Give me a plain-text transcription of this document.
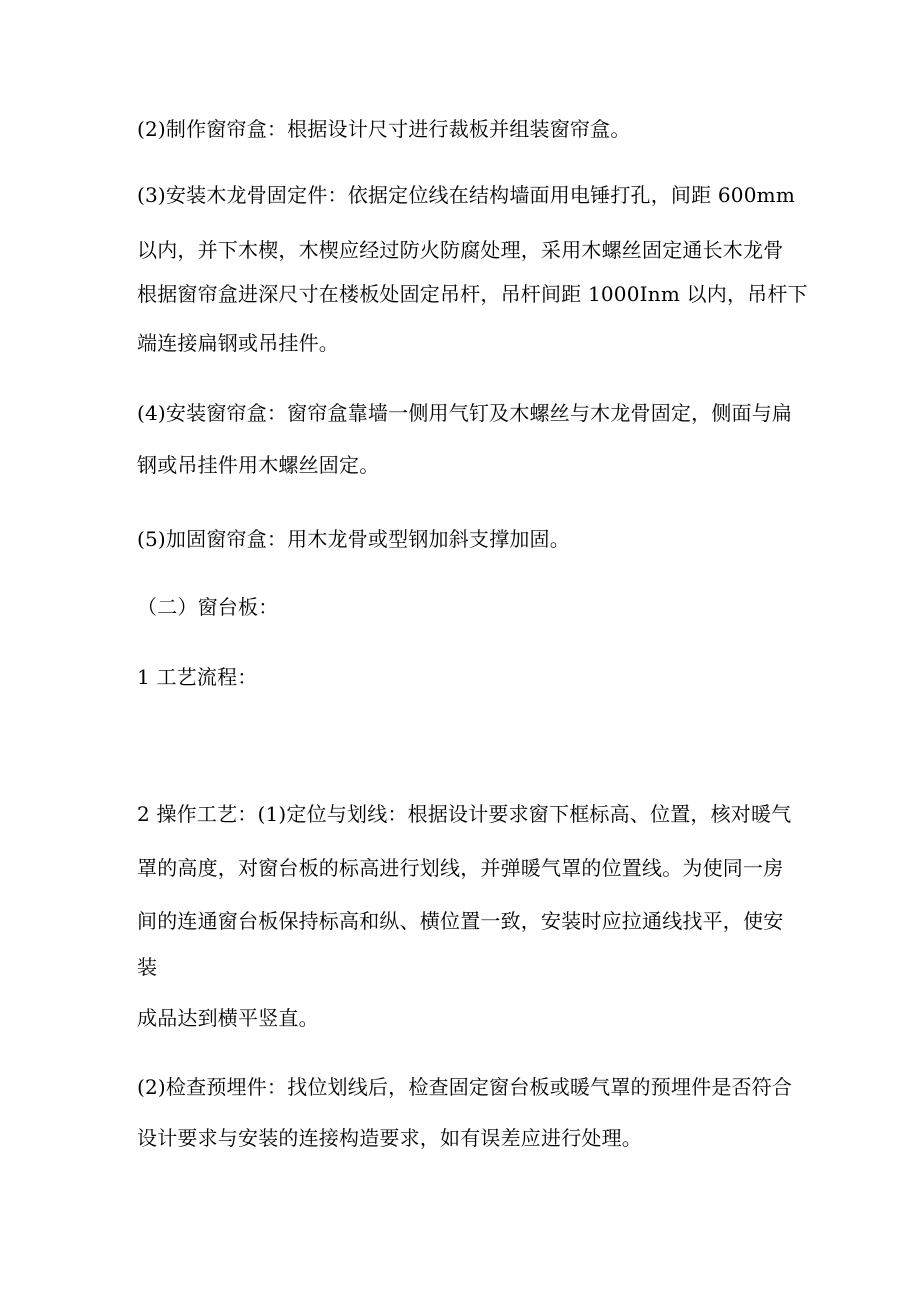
(2)制作窗帘盒：根据设计尺寸进行裁板并组装窗帘盒。
(3)安装木龙骨固定件：依据定位线在结构墙面用电锤打孔，间距 600mm
以内，并下木楔，木楔应经过防火防腐处理，采用木螺丝固定通长木龙骨
根据窗帘盒进深尺寸在楼板处固定吊杆，吊杆间距 1000Inm 以内，吊杆下
端连接扁钢或吊挂件。
(4)安装窗帘盒：窗帘盒靠墙一侧用气钉及木螺丝与木龙骨固定，侧面与扁
钢或吊挂件用木螺丝固定。
(5)加固窗帘盒：用木龙骨或型钢加斜支撑加固。
（二）窗台板：
1 工艺流程：
2 操作工艺：(1)定位与划线：根据设计要求窗下框标高、位置，核对暖气
罩的高度，对窗台板的标高进行划线，并弹暖气罩的位置线。为使同一房
间的连通窗台板保持标高和纵、横位置一致，安装时应拉通线找平，使安
装
成品达到横平竖直。
(2)检查预埋件：找位划线后，检查固定窗台板或暖气罩的预埋件是否符合
设计要求与安装的连接构造要求，如有误差应进行处理。
